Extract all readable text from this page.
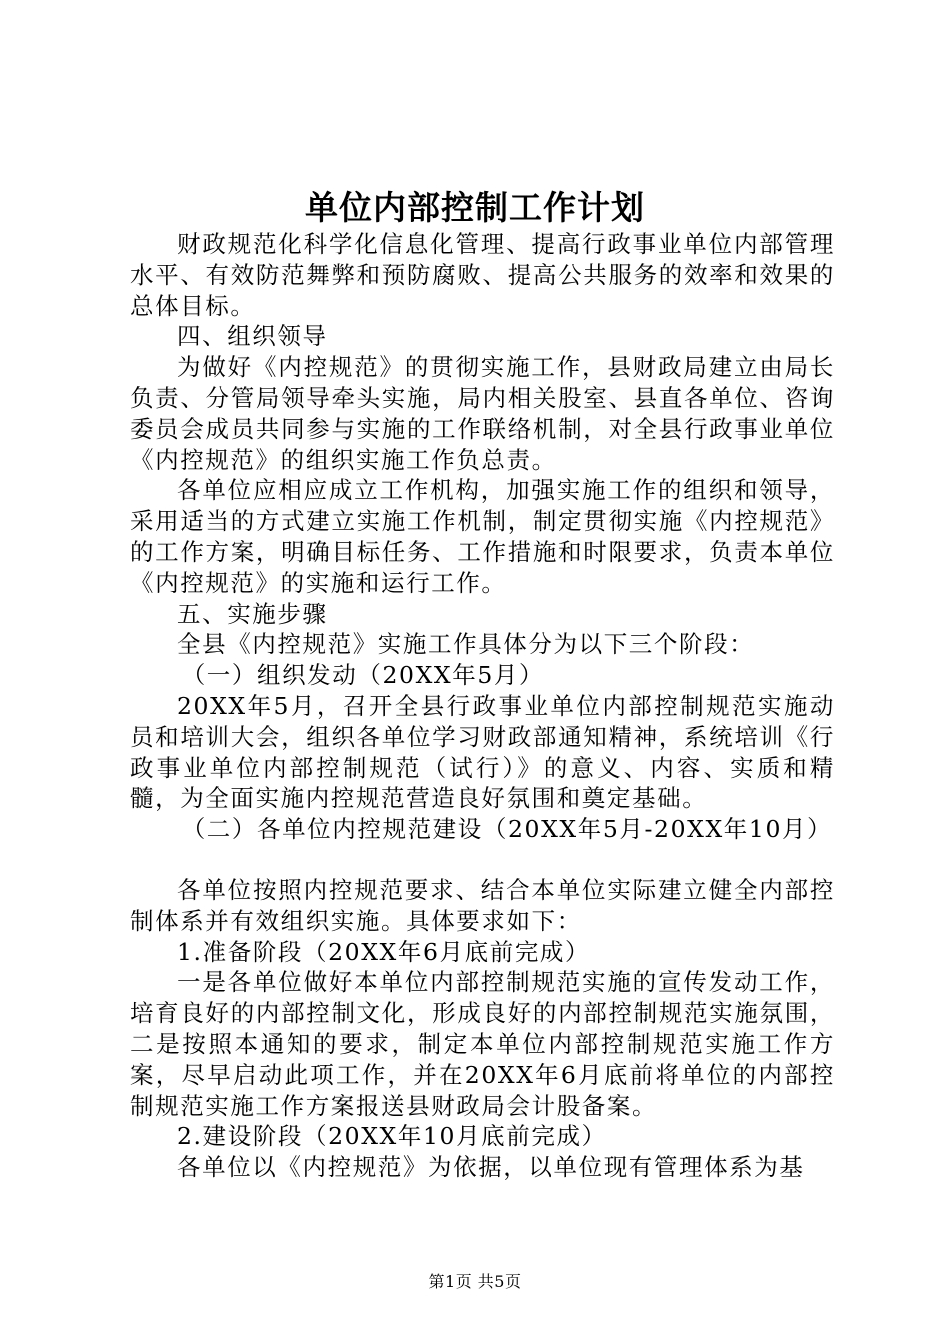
单位内部控制工作计划

财政规范化科学化信息化管理、提高行政事业单位内部管理水平、有效防范舞弊和预防腐败、提高公共服务的效率和效果的总体目标。

四、组织领导

为做好《内控规范》的贯彻实施工作，县财政局建立由局长负责、分管局领导牵头实施，局内相关股室、县直各单位、咨询委员会成员共同参与实施的工作联络机制，对全县行政事业单位《内控规范》的组织实施工作负总责。

各单位应相应成立工作机构，加强实施工作的组织和领导，采用适当的方式建立实施工作机制，制定贯彻实施《内控规范》的工作方案，明确目标任务、工作措施和时限要求，负责本单位《内控规范》的实施和运行工作。

五、实施步骤

全县《内控规范》实施工作具体分为以下三个阶段：

（一）组织发动（20XX年5月）

20XX年5月，召开全县行政事业单位内部控制规范实施动员和培训大会，组织各单位学习财政部通知精神，系统培训《行政事业单位内部控制规范（试行）》的意义、内容、实质和精髓，为全面实施内控规范营造良好氛围和奠定基础。

（二）各单位内控规范建设（20XX年5月-20XX年10月）

各单位按照内控规范要求、结合本单位实际建立健全内部控制体系并有效组织实施。具体要求如下：

1.准备阶段（20XX年6月底前完成）

一是各单位做好本单位内部控制规范实施的宣传发动工作，培育良好的内部控制文化，形成良好的内部控制规范实施氛围，二是按照本通知的要求，制定本单位内部控制规范实施工作方案，尽早启动此项工作，并在20XX年6月底前将单位的内部控制规范实施工作方案报送县财政局会计股备案。

2.建设阶段（20XX年10月底前完成）

各单位以《内控规范》为依据，以单位现有管理体系为基

第1页 共5页
